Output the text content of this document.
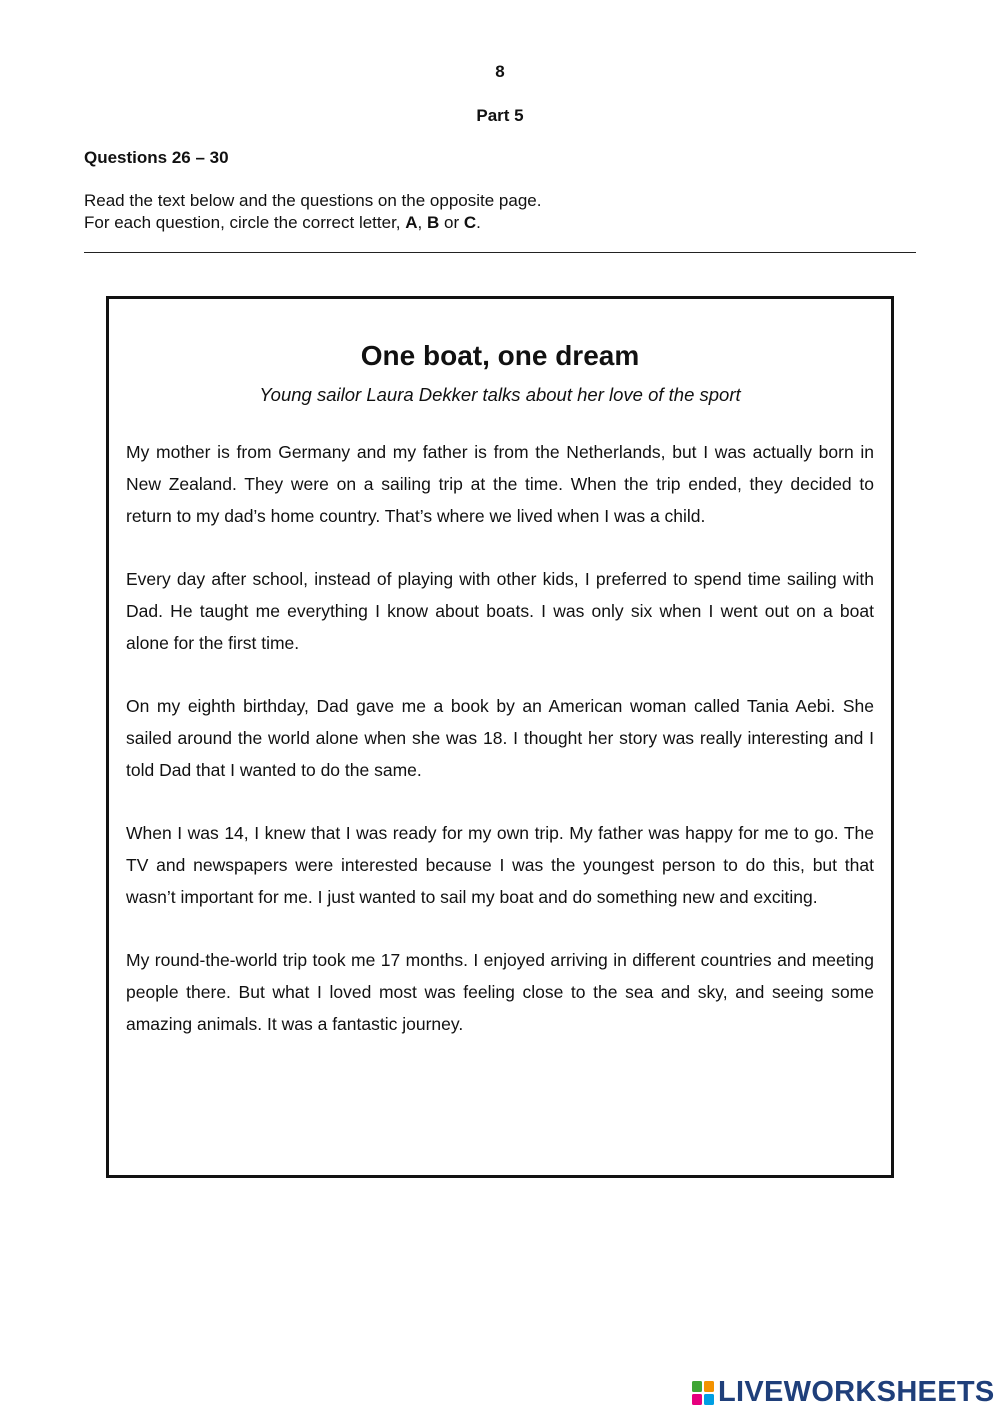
8
Part 5
Questions 26 – 30
Read the text below and the questions on the opposite page.
For each question, circle the correct letter, A, B or C.
One boat, one dream
Young sailor Laura Dekker talks about her love of the sport

My mother is from Germany and my father is from the Netherlands, but I was actually born in New Zealand. They were on a sailing trip at the time. When the trip ended, they decided to return to my dad’s home country. That’s where we lived when I was a child.

Every day after school, instead of playing with other kids, I preferred to spend time sailing with Dad. He taught me everything I know about boats. I was only six when I went out on a boat alone for the first time.

On my eighth birthday, Dad gave me a book by an American woman called Tania Aebi. She sailed around the world alone when she was 18. I thought her story was really interesting and I told Dad that I wanted to do the same.

When I was 14, I knew that I was ready for my own trip. My father was happy for me to go. The TV and newspapers were interested because I was the youngest person to do this, but that wasn’t important for me. I just wanted to sail my boat and do something new and exciting.

My round-the-world trip took me 17 months. I enjoyed arriving in different countries and meeting people there. But what I loved most was feeling close to the sea and sky, and seeing some amazing animals. It was a fantastic journey.

LIVEWORKSHEETS
